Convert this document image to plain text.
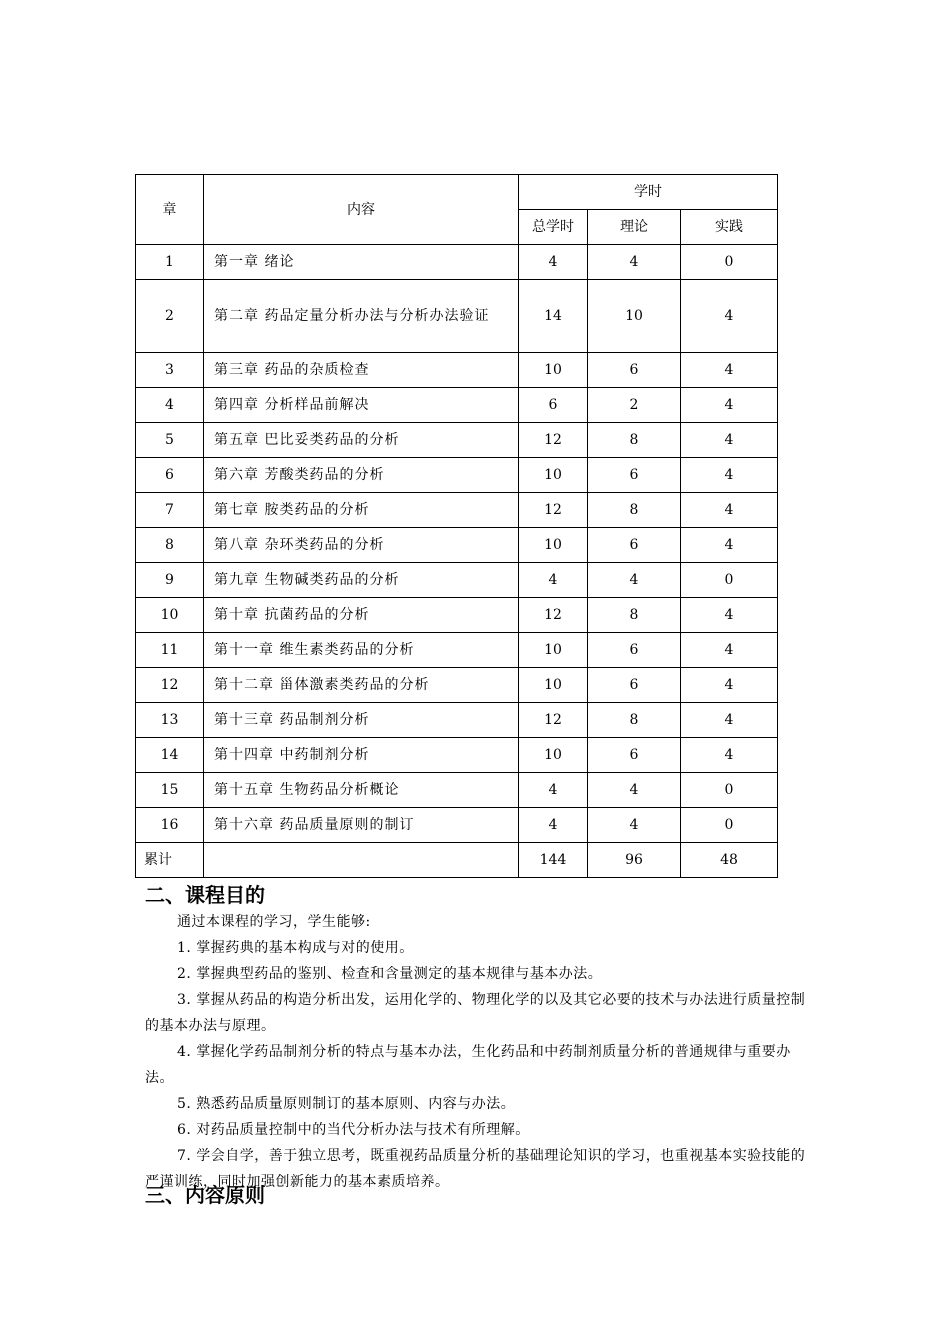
章	内容	学时		
		总学时	理论	实践
1	第一章 绪论	4	4	0
2	第二章 药品定量分析办法与分析办法验证	14	10	4
3	第三章 药品的杂质检查	10	6	4
4	第四章 分析样品前解决	6	2	4
5	第五章 巴比妥类药品的分析	12	8	4
6	第六章 芳酸类药品的分析	10	6	4
7	第七章 胺类药品的分析	12	8	4
8	第八章 杂环类药品的分析	10	6	4
9	第九章 生物碱类药品的分析	4	4	0
10	第十章 抗菌药品的分析	12	8	4
11	第十一章 维生素类药品的分析	10	6	4
12	第十二章 甾体激素类药品的分析	10	6	4
13	第十三章 药品制剂分析	12	8	4
14	第十四章 中药制剂分析	10	6	4
15	第十五章 生物药品分析概论	4	4	0
16	第十六章 药品质量原则的制订	4	4	0
累计		144	96	48
二、课程目的

通过本课程的学习，学生能够:

1. 掌握药典的基本构成与对的使用。

2. 掌握典型药品的鉴别、检查和含量测定的基本规律与基本办法。

3. 掌握从药品的构造分析出发，运用化学的、物理化学的以及其它必要的技术与办法进行质量控制的基本办法与原理。

4. 掌握化学药品制剂分析的特点与基本办法，生化药品和中药制剂质量分析的普通规律与重要办法。

5. 熟悉药品质量原则制订的基本原则、内容与办法。

6. 对药品质量控制中的当代分析办法与技术有所理解。

7. 学会自学，善于独立思考，既重视药品质量分析的基础理论知识的学习，也重视基本实验技能的严谨训练，同时加强创新能力的基本素质培养。

三、内容原则
